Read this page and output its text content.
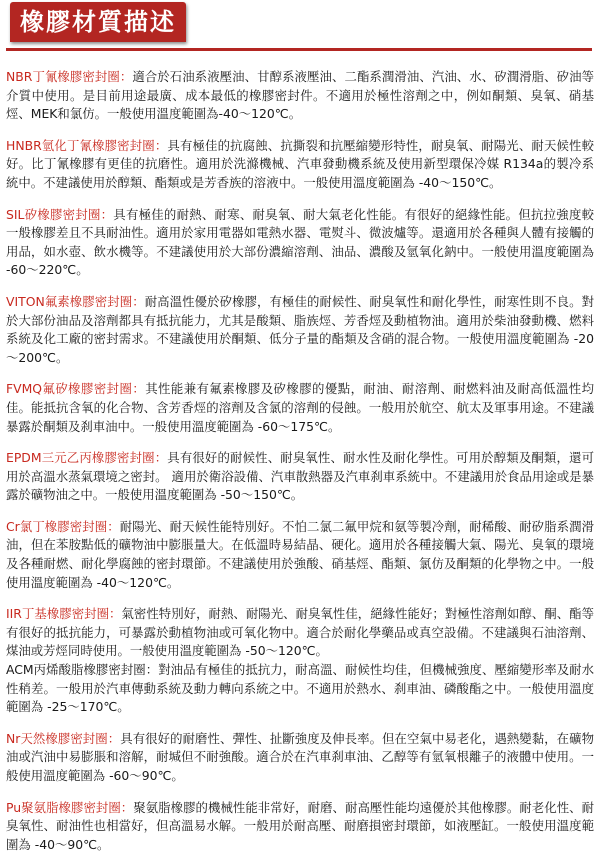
橡膠材質描述

NBR丁氰橡膠密封圈：適合於石油系液壓油、甘醇系液壓油、二酯系潤滑油、汽油、水、矽潤滑脂、矽油等介質中使用。是目前用途最廣、成本最低的橡膠密封件。不適用於極性溶劑之中，例如酮類、臭氧、硝基烴、MEK和氯仿。一般使用溫度範圍為-40～120℃。

HNBR氫化丁氰橡膠密封圈：具有極佳的抗腐蝕、抗撕裂和抗壓縮變形特性，耐臭氧、耐陽光、耐天候性較好。比丁氰橡膠有更佳的抗磨性。適用於洗滌機械、汽車發動機系統及使用新型環保冷媒 R134a的製冷系統中。不建議使用於醇類、酯類或是芳香族的溶液中。一般使用溫度範圍為 -40～150℃。

SIL矽橡膠密封圈：具有極佳的耐熱、耐寒、耐臭氧、耐大氣老化性能。有很好的絕緣性能。但抗拉強度較一般橡膠差且不具耐油性。適用於家用電器如電熱水器、電熨斗、微波爐等。還適用於各種與人體有接觸的用品，如水壺、飲水機等。不建議使用於大部份濃縮溶劑、油品、濃酸及氫氧化鈉中。一般使用溫度範圍為 -60～220℃。

VITON氟素橡膠密封圈：耐高溫性優於矽橡膠，有極佳的耐候性、耐臭氧性和耐化學性，耐寒性則不良。對於大部份油品及溶劑都具有抵抗能力，尤其是酸類、脂族烴、芳香烴及動植物油。適用於柴油發動機、燃料系統及化工廠的密封需求。不建議使用於酮類、低分子量的酯類及含硝的混合物。一般使用溫度範圍為 -20～200℃。

FVMQ氟矽橡膠密封圈：其性能兼有氟素橡膠及矽橡膠的優點，耐油、耐溶劑、耐燃料油及耐高低溫性均佳。能抵抗含氧的化合物、含芳香烴的溶劑及含氯的溶劑的侵蝕。一般用於航空、航太及軍事用途。不建議暴露於酮類及刹車油中。一般使用溫度範圍為 -60～175℃。

EPDM三元乙丙橡膠密封圈：具有很好的耐候性、耐臭氧性、耐水性及耐化學性。可用於醇類及酮類，還可用於高溫水蒸氣環境之密封。 適用於衛浴設備、汽車散熱器及汽車刹車系統中。不建議用於食品用途或是暴露於礦物油之中。一般使用溫度範圍為 -50～150℃。

Cr氯丁橡膠密封圈：耐陽光、耐天候性能特別好。不怕二氯二氟甲烷和氨等製冷劑，耐稀酸、耐矽脂系潤滑油，但在苯胺點低的礦物油中膨脹量大。在低溫時易結晶、硬化。適用於各種接觸大氣、陽光、臭氧的環境及各種耐燃、耐化學腐蝕的密封環節。不建議使用於強酸、硝基烴、酯類、氯仿及酮類的化學物之中。一般使用溫度範圍為 -40～120℃。

IIR丁基橡膠密封圈：氣密性特別好，耐熱、耐陽光、耐臭氧性佳，絕緣性能好；對極性溶劑如醇、酮、酯等有很好的抵抗能力，可暴露於動植物油或可氧化物中。適合於耐化學藥品或真空設備。不建議與石油溶劑、煤油或芳烴同時使用。一般使用溫度範圍為 -50～120℃。

ACM丙烯酸脂橡膠密封圈：對油品有極佳的抵抗力，耐高溫、耐候性均佳，但機械強度、壓縮變形率及耐水性稍差。一般用於汽車傳動系統及動力轉向系統之中。不適用於熱水、刹車油、磷酸酯之中。一般使用溫度範圍為 -25～170℃。

Nr天然橡膠密封圈：具有很好的耐磨性、彈性、扯斷強度及伸長率。但在空氣中易老化，遇熱變黏，在礦物油或汽油中易膨脹和溶解，耐堿但不耐強酸。適合於在汽車刹車油、乙醇等有氫氧根離子的液體中使用。一般使用溫度範圍為 -60～90℃。

Pu聚氨脂橡膠密封圈：聚氨脂橡膠的機械性能非常好，耐磨、耐高壓性能均遠優於其他橡膠。耐老化性、耐臭氧性、耐油性也相當好，但高溫易水解。一般用於耐高壓、耐磨損密封環節，如液壓缸。一般使用溫度範圍為 -40～90℃。
